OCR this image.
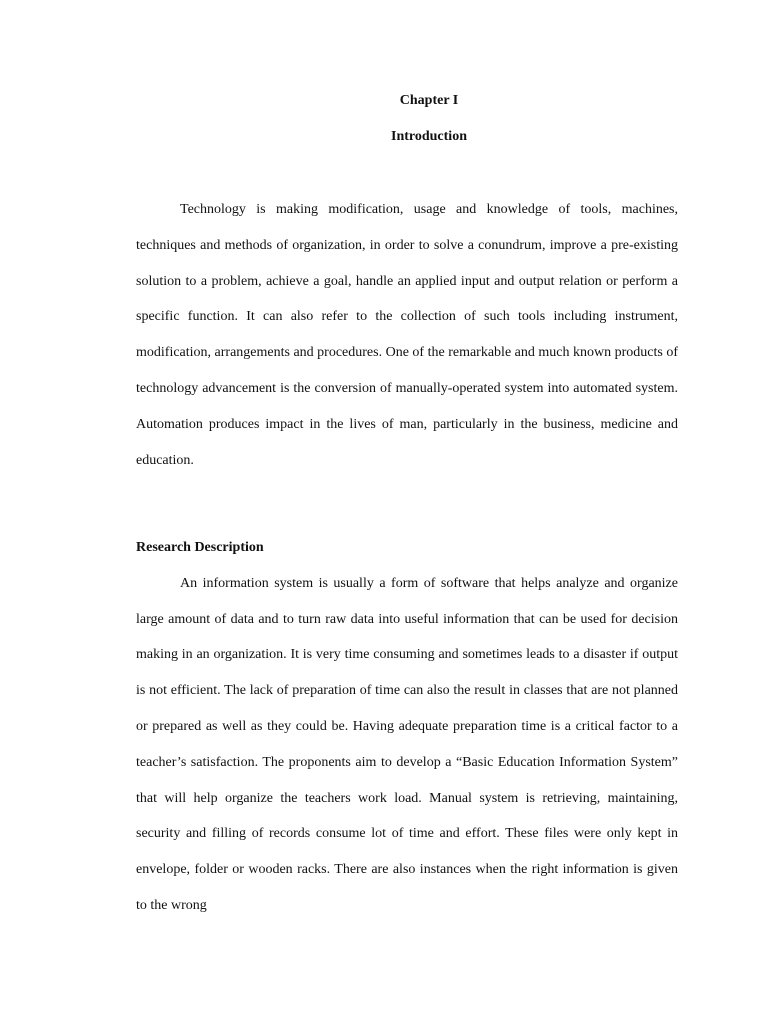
Chapter I

Introduction

Technology is making modification, usage and knowledge of tools, machines, techniques and methods of organization, in order to solve a conundrum, improve a pre-existing solution to a problem, achieve a goal, handle an applied input and output relation or perform a specific function. It can also refer to the collection of such tools including instrument, modification, arrangements and procedures. One of the remarkable and much known products of technology advancement is the conversion of manually-operated system into automated system. Automation produces impact in the lives of man, particularly in the business, medicine and education.

Research Description

An information system is usually a form of software that helps analyze and organize large amount of data and to turn raw data into useful information that can be used for decision making in an organization. It is very time consuming and sometimes leads to a disaster if output is not efficient. The lack of preparation of time can also the result in classes that are not planned or prepared as well as they could be. Having adequate preparation time is a critical factor to a teacher’s satisfaction. The proponents aim to develop a “Basic Education Information System” that will help organize the teachers work load. Manual system is retrieving, maintaining, security and filling of records consume lot of time and effort. These files were only kept in envelope, folder or wooden racks. There are also instances when the right information is given to the wrong
